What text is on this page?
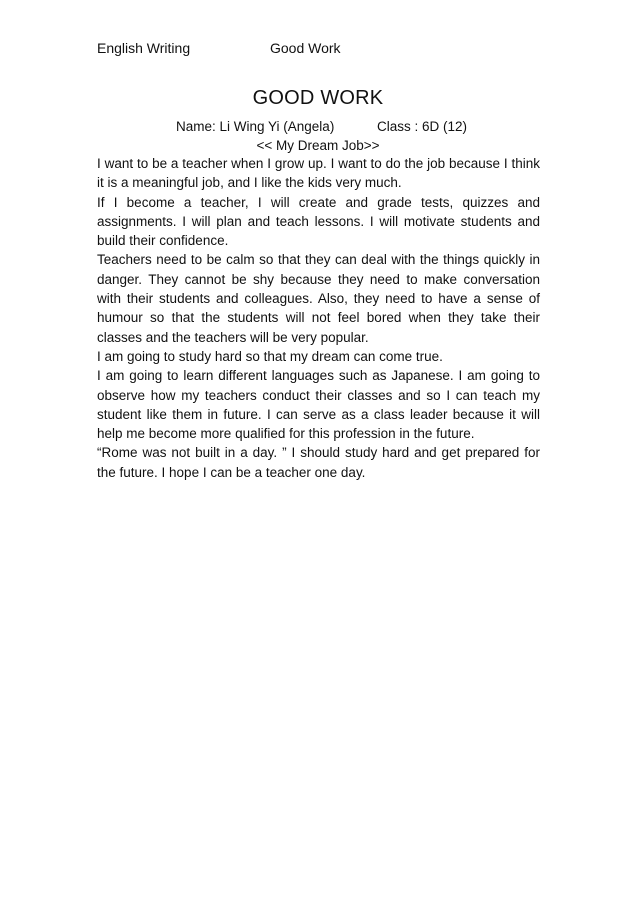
English Writing	Good Work
GOOD WORK
Name: Li Wing Yi (Angela)	Class : 6D (12)
<< My Dream Job>>

I want to be a teacher when I grow up. I want to do the job because I think it is a meaningful job, and I like the kids very much.

If I become a teacher, I will create and grade tests, quizzes and assignments. I will plan and teach lessons. I will motivate students and build their confidence.

Teachers need to be calm so that they can deal with the things quickly in danger. They cannot be shy because they need to make conversation with their students and colleagues. Also, they need to have a sense of humour so that the students will not feel bored when they take their classes and the teachers will be very popular.

I am going to study hard so that my dream can come true.

I am going to learn different languages such as Japanese. I am going to observe how my teachers conduct their classes and so I can teach my student like them in future. I can serve as a class leader because it will help me become more qualified for this profession in the future.

“Rome was not built in a day. ” I should study hard and get prepared for the future. I hope I can be a teacher one day.
